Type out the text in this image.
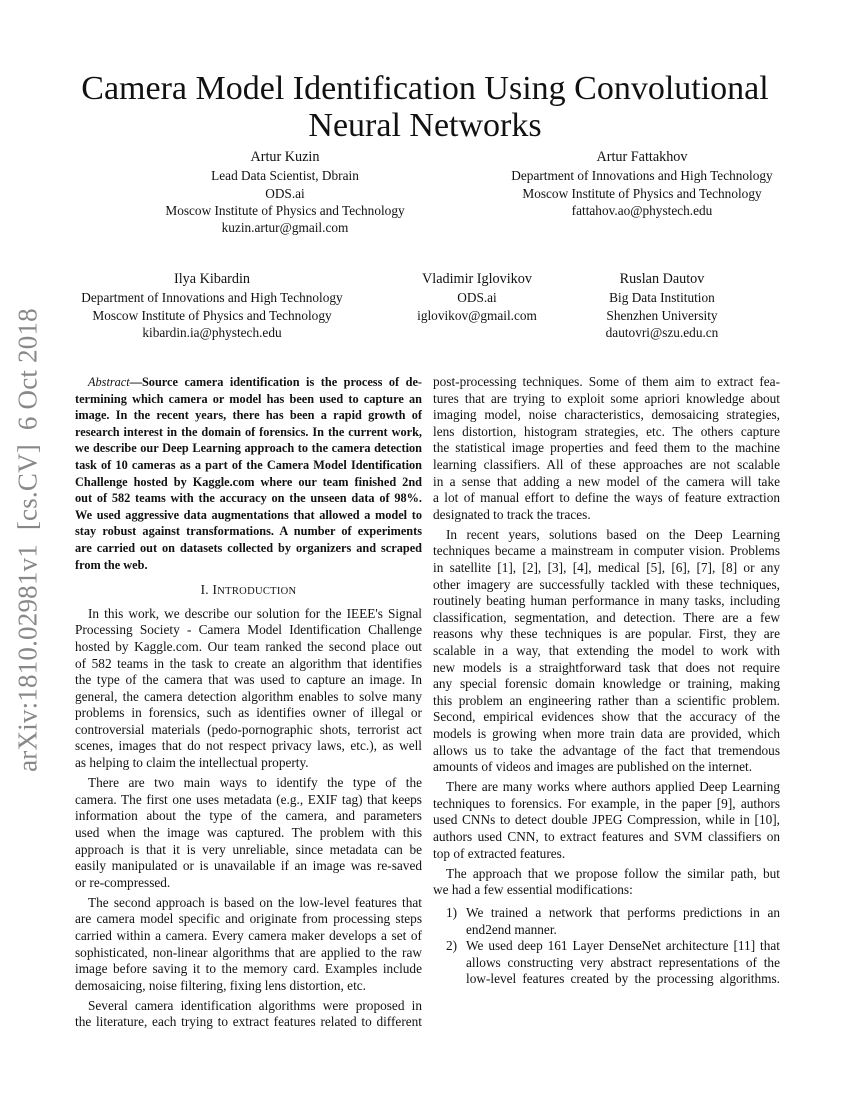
Camera Model Identification Using Convolutional
Neural Networks
arXiv:1810.02981v1  [cs.CV]  6 Oct 2018
Artur Kuzin
Lead Data Scientist, Dbrain
ODS.ai
Moscow Institute of Physics and Technology
kuzin.artur@gmail.com
Artur Fattakhov
Department of Innovations and High Technology
Moscow Institute of Physics and Technology
fattahov.ao@phystech.edu
Ilya Kibardin
Department of Innovations and High Technology
Moscow Institute of Physics and Technology
kibardin.ia@phystech.edu
Vladimir Iglovikov
ODS.ai
iglovikov@gmail.com
Ruslan Dautov
Big Data Institution
Shenzhen University
dautovri@szu.edu.cn
Abstract—Source camera identification is the process of de-
termining which camera or model has been used to capture an
image. In the recent years, there has been a rapid growth of
research interest in the domain of forensics. In the current work,
we describe our Deep Learning approach to the camera detection
task of 10 cameras as a part of the Camera Model Identification
Challenge hosted by Kaggle.com where our team finished 2nd
out of 582 teams with the accuracy on the unseen data of 98%.
We used aggressive data augmentations that allowed a model to
stay robust against transformations. A number of experiments
are carried out on datasets collected by organizers and scraped
from the web.
I. INTRODUCTION
In this work, we describe our solution for the IEEE's Signal
Processing Society - Camera Model Identification Challenge
hosted by Kaggle.com. Our team ranked the second place out
of 582 teams in the task to create an algorithm that identifies
the type of the camera that was used to capture an image. In
general, the camera detection algorithm enables to solve many
problems in forensics, such as identifies owner of illegal or
controversial materials (pedo-pornographic shots, terrorist act
scenes, images that do not respect privacy laws, etc.), as well
as helping to claim the intellectual property.
There are two main ways to identify the type of the
camera. The first one uses metadata (e.g., EXIF tag) that keeps
information about the type of the camera, and parameters
used when the image was captured. The problem with this
approach is that it is very unreliable, since metadata can be
easily manipulated or is unavailable if an image was re-saved
or re-compressed.
The second approach is based on the low-level features that
are camera model specific and originate from processing steps
carried within a camera. Every camera maker develops a set of
sophisticated, non-linear algorithms that are applied to the raw
image before saving it to the memory card. Examples include
demosaicing, noise filtering, fixing lens distortion, etc.
Several camera identification algorithms were proposed in
the literature, each trying to extract features related to different
post-processing techniques. Some of them aim to extract fea-
tures that are trying to exploit some apriori knowledge about
imaging model, noise characteristics, demosaicing strategies,
lens distortion, histogram strategies, etc. The others capture
the statistical image properties and feed them to the machine
learning classifiers. All of these approaches are not scalable
in a sense that adding a new model of the camera will take
a lot of manual effort to define the ways of feature extraction
designated to track the traces.
In recent years, solutions based on the Deep Learning
techniques became a mainstream in computer vision. Problems
in satellite [1], [2], [3], [4], medical [5], [6], [7], [8] or any
other imagery are successfully tackled with these techniques,
routinely beating human performance in many tasks, including
classification, segmentation, and detection. There are a few
reasons why these techniques is are popular. First, they are
scalable in a way, that extending the model to work with
new models is a straightforward task that does not require
any special forensic domain knowledge or training, making
this problem an engineering rather than a scientific problem.
Second, empirical evidences show that the accuracy of the
models is growing when more train data are provided, which
allows us to take the advantage of the fact that tremendous
amounts of videos and images are published on the internet.
There are many works where authors applied Deep Learning
techniques to forensics. For example, in the paper [9], authors
used CNNs to detect double JPEG Compression, while in [10],
authors used CNN, to extract features and SVM classifiers on
top of extracted features.
The approach that we propose follow the similar path, but
we had a few essential modifications:
1) We trained a network that performs predictions in an
end2end manner.
2) We used deep 161 Layer DenseNet architecture [11] that
allows constructing very abstract representations of the
low-level features created by the processing algorithms.
